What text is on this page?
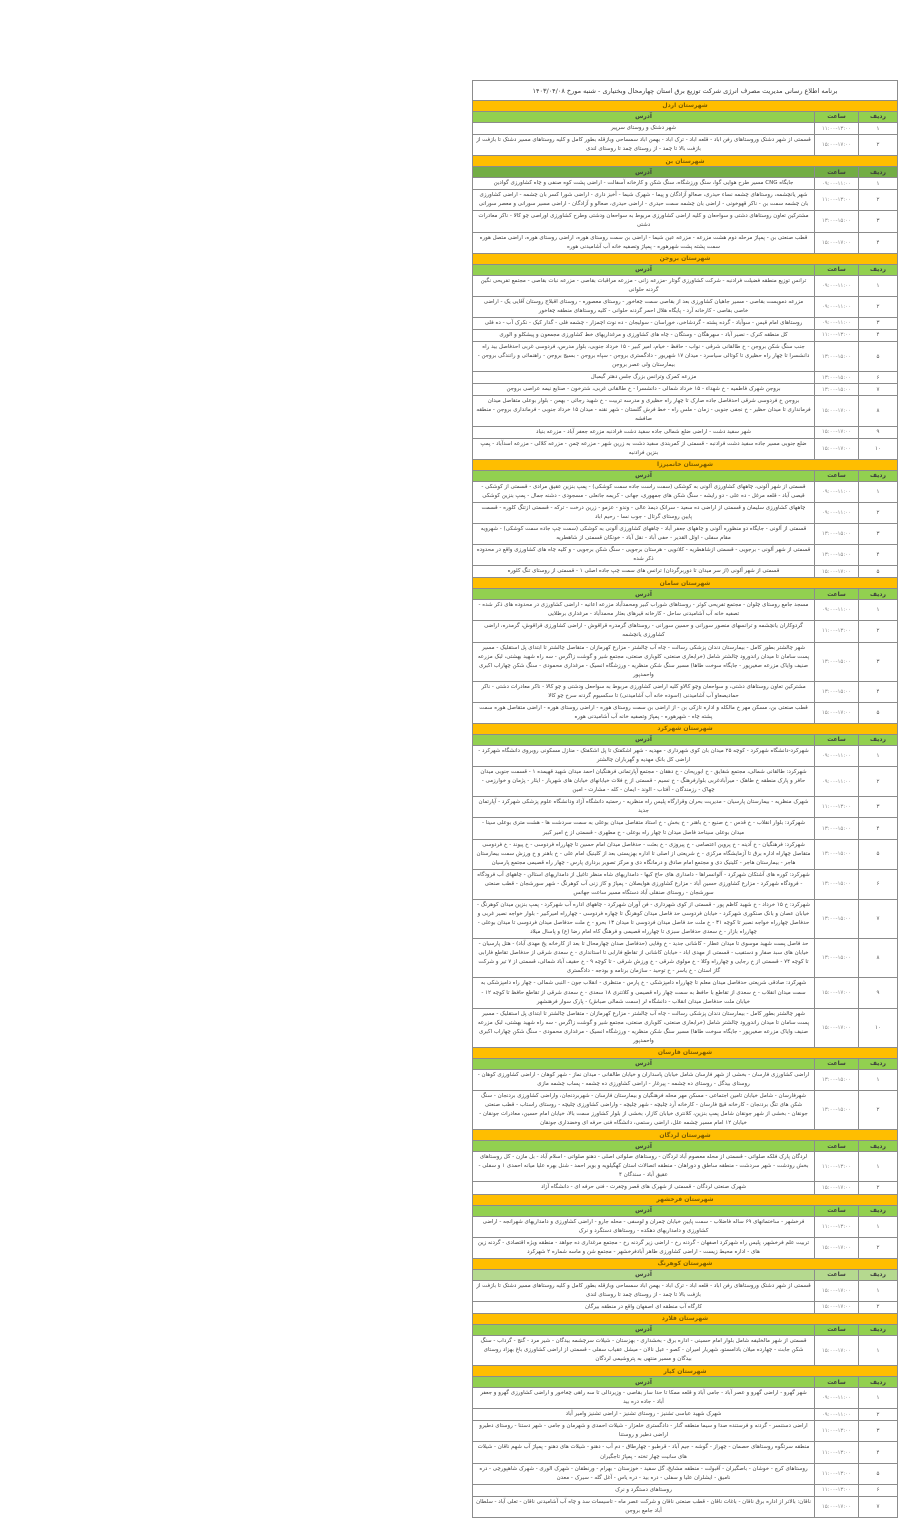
برنامه اطلاع رسانی مدیریت مصرف انرژی شرکت توزیع برق استان چهارمحال وبختیاری - شنبه مورخ ۱۴۰۳/۰۴/۰۸		
شهرستان اردل		
ردیف	ساعت	آدرس
۱	۱۱:۰۰-۱۳:۰۰	شهر دشتک و روستای سرپیر
۲	۱۵:۰۰-۱۷:۰۰	قسمتی از شهر دشتک وروستاهای رفن اباد - قلعه اباد - ترک اباد - بهمن اباد سمساحی وبازقله بطور کامل و کلیه روستاهای مسیر دشتک تا بازفت از بازفت بالا تا چمد - از روستای چمد تا روستای لندی
شهرستان بن		
ردیف	ساعت	آدرس
۱	۰۹:۰۰-۱۱:۰۰	جایگاه CNG مسیر طرح هوایی گوا، سنگ ورزشگاه، سنگ شکن و کارخانه آسفالت - اراضی پشت کوه صنفی و چاه کشاورزی گوادین
۲	۱۱:۰۰-۱۳:۰۰	شهر یانچشمه، روستاهای چشمه نساء حیدری، صعالو آزادگان و پیما - شهرک شیما - آخیز داری - اراضی شورا کسر بان چشمه - اراضی کشاورزی بان چشمه سمت بن - ناکر قهوخونی - اراضی بان چشمه سمت حیدری - اراضی حیدری، صعالو و آزادگان - اراضی مسیر سورانی و معصر سورانی
۳	۱۳:۰۰-۱۵:۰۰	مشترکین تعاون روستاهای دشتی و سواحعان و کلیه اراضی کشاورزی مربوط به سواحعان ودشتی وطرح کشاورزی اوراصی چو کالا - ناکر معادرات دشتی
۴	۱۵:۰۰-۱۷:۰۰	قطب صنعتی بن - پمپاژ مرحله دوم هشت مزرعه - مزرعه عین شیما - اراضی بن سمت روستای هوره، اراضی روستای هوره، اراضی متصل هوره سمت پشته پشت شهرهوره - پمپاژ وتصفیه خانه آب آشامیدنی هوره
شهرستان بروجن		
ردیف	ساعت	آدرس
۱	۰۹:۰۰-۱۱:۰۰	ترانس توزیع منطقه فضیلت فرادنبه - شرکت کشاورزی گوتار -مزرعه زانی - مزرعه مراقبات بقاصی - مزرعه نبات بقاصی - مجتمع تفریحی نگین گردنه حلوانی
۲	۰۹:۰۰-۱۱:۰۰	مزرعه دمویست بقاصی - مسیر جاهیان کشاورزی بعد از بقاصی سمت چغاخور - روستای معصوره - روستای اقبلاج روستان آقایی یک - اراضی خاصی بقاصی - کارخانه آرد - پایگاه هلال احمر گردنه حلوانی - کلیه روستاهای منطقه چغاخور
۳	۰۹:۰۰-۱۱:۰۰	روستاهای امام قیس - سوآباد - گرده پشته - گردشاخی، خوراسان - سولیجان - ده نوت اچمزار - چشمه فلی - گدار کیک - نکرک آب - ده فلی
۴	۱۱:۰۰-۱۳:۰۰	کل منطقه کنرک - نصیر آباد - سهرهگان - وستگان - چاه های کشاورزی و مرغداریهای خط کشاورزی مجمعون و پیشکلو و الوری
۵	۱۳:۰۰-۱۵:۰۰	جنب سنگ شکن بروجن - خ طالقانی شرقی - نواب - حافظ - خیام، امیر کبیر - ۱۵ خرداد جنوبی، بلوار مدرس، فردوسی غربی احدفاصل بید راه دانشسرا تا چهار راه حظیری تا کوتالی سیاسرد - میدان ۱۷ شهریور - دادگستری بروجن - سپاه بروجن - بسیج بروجن - راهنمائی و رانندگی بروجن - بیمارستان ولی عصر بروجن
۶	۱۳:۰۰-۱۵:۰۰	مزرعه کمرک وترانس بزرگ جلس دهتر گیمبال
۷	۱۳:۰۰-۱۵:۰۰	بروجن شهرک فاطمیه - خ شهداء - ۱۵ خرداد شمالی - دانشسرا - خ طالقانی غربی، شترخون - صنایع نیمه عراصی بروجن
۸	۱۵:۰۰-۱۷:۰۰	بروجن خ فردوسی شرقی احدفاصل جاده صارک تا چهار راه حظیری و مدرسه تربیت - خ شهید رجائی - بهمن - بلوار بوعلی متقاصل میدان فرمانداری تا میدان حظیر - خ نجفی جنوبی - زمان - ملس راه - خط فرش گلستان - شهر نقنه - میدان ۱۵ خرداد جنوبی - فرمانداری بروجن - منطقه صافشه
۹	۱۵:۰۰-۱۷:۰۰	شهر سفید دشت - اراضی ضلع شمالی جاده سفید دشت فرادنبه مزرعه جعفر آباد - مزرعه بنیاد
۱۰	۱۵:۰۰-۱۷:۰۰	ضلع جنوبی مسیر جاده سفید دشت فرادنبه - قسمتی از کمربندی سفید دشت به زرین شهر - مزرعه چمن - مزرعه کلالی - مزرعه اسدآباد - پمپ بنزین فرادنبه
شهرستان خانمیرزا		
ردیف	ساعت	آدرس
۱	۰۹:۰۰-۱۱:۰۰	قسمتی از شهر آلونی، چاههای کشاورزی آلونی به کوشکی (سمت راست جاده سمت کوشکی) - پمپ بنزین عقیق مرادی - قسمتی از کوشکی - قیصی آباد - قلعه مرغل - ده علی - دو رایشه - سنگ شکن های جمهوری، جهانی - کریمه جانعلی - مسجودی - دشنه جمال - پمپ بنزین کوشکی
۲	۰۹:۰۰-۱۱:۰۰	چاههای کشاورزی سلیمان و قسمتی از اراضی ده سعید - سرانک دیمذ عالی - وندو - عزمو - زرین درخت - ترکه - قسمتی ازتنگ کلوره - قسمت پایین روستای گرتال - جوب نسا - رحیم اباد
۳	۱۳:۰۰-۱۵:۰۰	قسمتی از آلونی - جایگاه دو منظوره آلونی و چاههای جعفر آباد - چاههای کشاورزی آلونی به کوشکی (سمت چپ جاده سمت کوشکی) - شهرویه مقام سفلی - اوئل القدیر - حفی آباد - نقل آباد - خونکان قسمتی از شاهطریه
۴	۱۳:۰۰-۱۵:۰۰	قسمتی از شهر آلونی - برجویی - قسمتی ازشاهطریه - کلانویی - هرستان برجویی - سنگ شکن برجویی - و کلیه چاه های کشاورزی واقع در محدوده ذکر شده
۵	۱۵:۰۰-۱۷:۰۰	قسمتی از شهر آلونی (از سر میدان تا دوربرگردان) ترانس های سمت چپ جاده اصلی ۱ - قسمتی از روستای تنگ کلوره
شهرستان سامان		
ردیف	ساعت	آدرس
۱	۰۹:۰۰-۱۱:۰۰	مسجد جامع روستای چلوان - مجتمع تفریحی کوثر - روستاهای شوراب کبیر ومحمدآباد مزرعه اعانیه - اراضی کشاورزی در محدوده های ذکر شده - تصفیه خانه آب آشامیدنی ساحل - کارخانه قیرهای بعثار محمدآباد - مرغداری برطلایی
۲	۱۱:۰۰-۱۳:۰۰	گردوکاران یانچشمه و ترانسهای منصور سورانی و حسین سورانی - روستاهای گرمدره قراقوش - اراضی کشاورزی قراقوش، گرمدره، اراضی کشاورزی یانچشمه
۳	۱۳:۰۰-۱۵:۰۰	شهر چالشتر بطور کامل - بیمارستان دندان پزشکی رسالت - چاه آب چالشتر - مزارع کهرمازان - متقاصل چالشتر تا ابتدای پل استقلیک - مسیر پست سامان تا میدان راندورود چالشتر شامل (خرابعاری صنعتی، کلوباری صنعتی، مجتمع شیر و گوشت زاگرس - سه راه شهید بهشتی، لبک مزرعه صنیف وایاک مزرعه صغیرپور - جایگاه سوخت طاها) مسیر سنگ شکن منظریه - ورزشگاه انسیک - مرغداری محمودی - سنگ شکن چهاراب اکبری واحمدپور
۴	۱۳:۰۰-۱۵:۰۰	مشترکین تعاون روستاهای دشتی، و سواحعان وچو کالاو کلیه اراضی کشاورزی مربوط به سواحعل ودشتی و چو کالا - ناکر معادرات دشتی - ناکر حمادیصعاو آب آشامیدنی (اسوده خانه آب آشامیدنی) تا سکسیوم گردنه سرخ چو کالا
۵	۱۵:۰۰-۱۷:۰۰	قطب صنعتی بن، مسکن مهر خ مالکله و اداره تازکی بن - از اراضی بن سمت روستای هوره - اراضی روستای هوره - اراضی متقاصل هوره سمت پشته چاه - شهرهوره - پمپاژ وتصفیه خانه آب آشامیدنی هوره
شهرستان شهرکرد		
ردیف	ساعت	آدرس
۱	۰۹:۰۰-۱۱:۰۰	شهرکرد-دانشگاه شهرکرد - کوچه ۲۵ میدان بان کوی شهرداری - مهدیه - شهر اشکفتک تا پل اشکفتک - منازل مسکونی روبروی دانشگاه شهرکرد - اراضی کل بانک مهدیه و گهرباران چالشتر
۲	۰۹:۰۰-۱۱:۰۰	شهرکرد: طالقانی شمالی، مجتمع شقایق - خ ابوریحان - خ دهقان - مجتمع آپارتمانی فرهنگیان احمد میدان شهید قهیمده ۱ - قسمت جنوبی میدان حافر و پارک منطقه خ طاهک - میرآبادغربی بلوارفرهنگ - خ نسیم - قسمتی از خ فلات خیابانهای خیابان های شهریار - ایثار - پژمان و خوارزمی - چهاک - رزمندگان - آفتاب - الوند - ایمان - کله - مشارت - امین
۳	۱۱:۰۰-۱۳:۰۰	شهرک منظریه - بیمارستان پارسیان - مدیریت بحران وقرارگاه پلیس راه منظریه - رحمتیه دانشگاه آزاد ودانشگاه علوم پزشکی شهرکرد - آپارتمان جدید
۴	۱۳:۰۰-۱۵:۰۰	شهرکرد: بلوار انقلاب - خ قدس - خ صنیع - خ باهنر - خ بخش - خ استاد متقاصل میدان بوعلی به سمت سردشت ها - هشت متری بوعلی سینا - میدان بوعلی سیناحد فاصل میدان تا چهار راه بوعلی - خ مطهری - قسمتی از خ امیر کبیر
۵	۱۳:۰۰-۱۵:۰۰	شهرکرد: فرهنگیان - خ آدینه - خ پروین اعتصامی - خ پیروزی - خ بعثت - حدفاصل میدان امام حسین تا چهارراه فردوسی - خ پیوند - خ فردوسی متقاصل چهاراه اداره برق تا آزمایشگاه مرکزی - خ شریعتی از اصلی تا اداره بهزیستی بعد از کلینیک امام علی - خ باهنر و خ ورزش سمت بیمارستان هاجر - بیمارستان هاجر - کلینیک دی و مجتمع امام صادق و درمانگاه دی و مرکز تصویر برداری پارس - چهار راه قصیمی مجتمع پارسیان
۶	۱۳:۰۰-۱۵:۰۰	شهرکرد: کوره های آشتکان شهرکرد - آلوانسراها - دامداری های حاج کیها - دامداریهای شاه منظر تاغیل از دامداریهای استالن - چاههای آب فرودگاه - فرودگاه شهرکرد - مزارع کشاورزی حسین آباد - مزارع کشاورزی هوایصلان - پمپاژ و کاز زنی آب کوهرنگ - شهر سورشجان - قطب صنعتی سورشجان - روستای صنقلی آباد دستگاه مسیر ساعت جهانس
۷	۱۳:۰۰-۱۵:۰۰	شهرکرد: خ ۱۵ خرداد - خ شهید کاظم پور - قسمتی از کوی شهرداری - فن آوران شهرکرد - چاههای اداره آب شهرکرد - پمپ بنزین میدان کوهرنگ - خیابان عصان و بانک صنکوری شهرکرد - خیابان فردوسی حد فاصل میدان کوهرنگ تا چهاره فردوسی - چهارراه امیرکبیر - بلوار خواجه نصیر غربی و حدفاصل چهارراه خواجه نصیر تا کوچه ۳۱ - خ ملت حد فاصل میدان فردوسی تا میدان ۱۳ بحرو - خ ملت حدفاصل میدان فردوسی تا میدان بوعلی - چهارراه بازار - خ سعدی حدفاصل سبزی تا چهارراه قصیمی و فرهنگ کاه امام رضا (ع) و پاسال میلاد
۸	۱۳:۰۰-۱۵:۰۰	حد فاصل پست شهید موسوی تا میدان عطار - کاشانی جدید - خ وفایی (حدفاصل صدان چهارمحال تا بعد از کارخانه یخ مهدی آباد) - هتل پارسیان - خیابان های سبد صفار و دستفیب - قسمتی از مهدی اباد - خیابان کاشانی از تقاطع فارابی تا استانداری - خ سعدی شرقی از حدفاصل تقاطع فارابی تا کوچه ۷۴ - قسمتی از خ رجایی و چهارراه وکلا - خ مولوی شرقی - خ ورزش شرقی - تا کوچه ۹ - خ حقیف آباد شمالی، قسمتی از ۷ تیر و شرکت گاز استان - خ یاسر - خ توحید - سازمان برنامه و بودجه - دادگستری
۹	۱۵:۰۰-۱۷:۰۰	شهرکرد: صادقی شریعتی حدفاصل میدان معلم تا چهارراه دامپزشکی - خ پارس - منتظری - انقلاب جون - النبی شمالی - چهار راه دامپزشکی به سمت میدان انقلاب - خ سعدی از تقاطع با حافظ به سمت چهار راه قصیمی و کلانتری ۱۸ سعدی - خ سعدی شرقی از تقاطع حافظ تا کوچه ۱۲ - خیابان ملت حدفاصل میدان انقلاب - دانشگاه لر (سمت شمالی صباش) - پارک سوار فرهنشهر
۱۰	۱۵:۰۰-۱۷:۰۰	شهر چالشتر بطور کامل - بیمارستان دندان پزشکی رسالت - چاه آب چالشتر - مزارع کهرمازان - متقاصل چالشتر تا ابتدای پل استقلیک - مسیر پست سامان تا میدان راندورود چالشتر شامل (خرابعاری صنعتی، کلوباری صنعتی، مجتمع شیر و گوشت زاگرس - سه راه شهید بهشتی، لبک مزرعه صنیف وایاک مزرعه صغیرپور - جایگاه سوخت طاها) مسیر سنگ شکن منظریه - ورزشگاه انسیک - مرغداری محمودی - سنگ شکن چهاراب اکبری واحمدپور
شهرستان فارسان		
ردیف	ساعت	آدرس
۱	۱۳:۰۰-۱۵:۰۰	اراضی کشاورزی فارسان - بخشی از شهر فارسان شامل خیابان پاسداران و خیابان طالقانی - میدان نماز - شهر کوهان - اراضی کشاورزی کوهان - روستای بیدگل - روستای ده چشمه - پیرغار - اراضی کشاورزی ده چشمه - پساب چشمه مازی
۲	۱۳:۰۰-۱۵:۰۰	شهرفارسان - شامل خیابان تامین اجتماعی - مسکن مهر محله فرهنگیان و بیمارستان فارسان - شهربردنجان، واراضی کشاورزی بردنجان - سنگ شکن های تنگ بردنجان - کارخانه قیچ فارسان - کارخانه آرد چلیچه - شهر چلیچه - واراضی کشاورزی چلیچه - روستای راستاب - قطب صنعتی جونقان - بخشی از شهر جونقان شامل پمپ بنزین، کلانتری خیابان کازار، بخشی از بلوار کشاورز سمت بالا، خیابان امام حسین، معادرات جونقان - خیابان ۱۲ امام مسیر چشمه علل، اراضی رستمی، دانشگاه فنی حرفه ای وخضداری جونقان
شهرستان لردگان		
ردیف	ساعت	آدرس
۱	۱۱:۰۰-۱۳:۰۰	لردگان پارک فلکه صلواتی - قسمتی از محله معصوم آباد لردگان - روستاهای صلواتی اصلی - دهنو صلواتی - اسلام آباد - بل مازن - کل روستاهای بخش رودشت - شهر سردشت - منطقه ساطق و دوراهان - منطقه اتصالات استان کهگیلویه و بویر احمد - شنل بهره علیا میانه احمدی ۱ و سفلی - عقیق آباد - سندگان ۴
۲	۱۵:۰۰-۱۷:۰۰	شهرک صنعتی لردگان - قسمتی از شهرک های قصر وچغرت - فنی حرفه ای - دانشگاه آزاد
شهرستان فرخشهر		
ردیف	ساعت	آدرس
۱	۱۱:۰۰-۱۳:۰۰	فرخشهر - ساختمانهای ۶۹ ساله فاضلاب - سمت پایین خیابان چمران و لوسفی - محله جارو - اراضی کشاورزی و دامداریهای شهرانجه - اراضی کشاورزی و دامداریهای دهکده - روستاهای دستگرد و نرک
۲	۱۵:۰۰-۱۷:۰۰	تربیت علم فرخشهر، پلیس راه شهرکرد اصفهان - گردنه رخ - اراضی زیر گردنه رخ - مجتمع مرغداری ده جواهد - منطقه ویژه اقتصادی - گردنه زین های - اداره محیط زیست - اراضی کشاورزی طاهر آبادفرخشهر - مجتمع شن و ماسه شماره ۲ شهرکرد
شهرستان کوهرنگ		
ردیف	ساعت	آدرس
۱	۱۵:۰۰-۱۷:۰۰	قسمتی از شهر دشتک وروستاهای رفن اباد - قلعه اباد - ترک اباد - بهمن اباد سمساحی وبازقله بطور کامل و کلیه روستاهای مسیر دشتک تا بازفت از بازفت بالا تا چمد - از روستای چمد تا روستای لندی
۲	۱۵:۰۰-۱۷:۰۰	کارگاه آب منطقه ای اصفهان واقع در منطقه بیرگان
شهرستان فلارد		
ردیف	ساعت	آدرس
۱	۱۵:۰۰-۱۷:۰۰	قسمتی از شهر مالخلیفه شامل بلوار امام حسینی - اداره برق - بخشداری - بهزستان - شیلات سرچشمه بیدگان - شیر مرد - گنج - گرداب - سنگ شکن جابث - چهارده میلان بادامستو، شهریار امیران - کصو - عیل نالان - میشل عقیاب سفلی - قسمتی از اراضی کشاورزی باغ بهزاد روستای بیدگان و مسیر منتهی به پتروشیمی لردگان
شهرستان کیار		
ردیف	ساعت	آدرس
۱	۰۹:۰۰-۱۱:۰۰	شهر گهرو - اراضی گهرو و عصر آباد - جامی آباد و قلعه ممکا تا حدا سار بقاصی - وزیردالی تا سه راهی چغاخور و اراضی کشاورزی گهرو و جعفر آباد - جاده دره بید
۲	۰۹:۰۰-۱۱:۰۰	شهرک شهید عباسی تشنیز - روستای تشنیز - اراضی تشنیز وامیر آباد
۳	۱۱:۰۰-۱۳:۰۰	اراضی دستنسر - گردنه و فرستنده صدا و سیما منطقه گنار - دادگستری خلعزار - شیلات احمدی و شهرمان و جامی - شهر دستنا - روستای دطیرو اراضی دطیر و روستنا
۴	۱۱:۰۰-۱۳:۰۰	منطقه سرتگوه روستاهای حصمان - چهراز - گوشه - جیم آباد - قرطبو - چهارطاق - دم آب - دهنو - شیلات های دهنو - پمپاژ آب شهم ناقان - شیلات های سانیت چهار تخته - پمپاژ تاجگیران
۵	۱۱:۰۰-۱۳:۰۰	روستاهای کرچ - خوشان - باصگیران - آقبولت - منطقه مشایخ، گل سفید - خوزستان - بهرام - ورنطقان - شهرک الوری - شهرک شاهپورچی - دره نامیق - ایشلران علیا و سفلی - دره بید - دره یاس - آغل گله - سیرک - معدن
۶	۱۱:۰۰-۱۳:۰۰	روستاهای دستگرد و نرک
۷	۱۵:۰۰-۱۷:۰۰	ناقان: بالاتر از اداره برق ناقان - باغات ناقان - قطب صنعتی ناقان و شرکت عصر ماه - تاسیسات سد و چاه آب آشامیدنی ناقان - تعلی آباد - سلطان آباد جامع بروجن
